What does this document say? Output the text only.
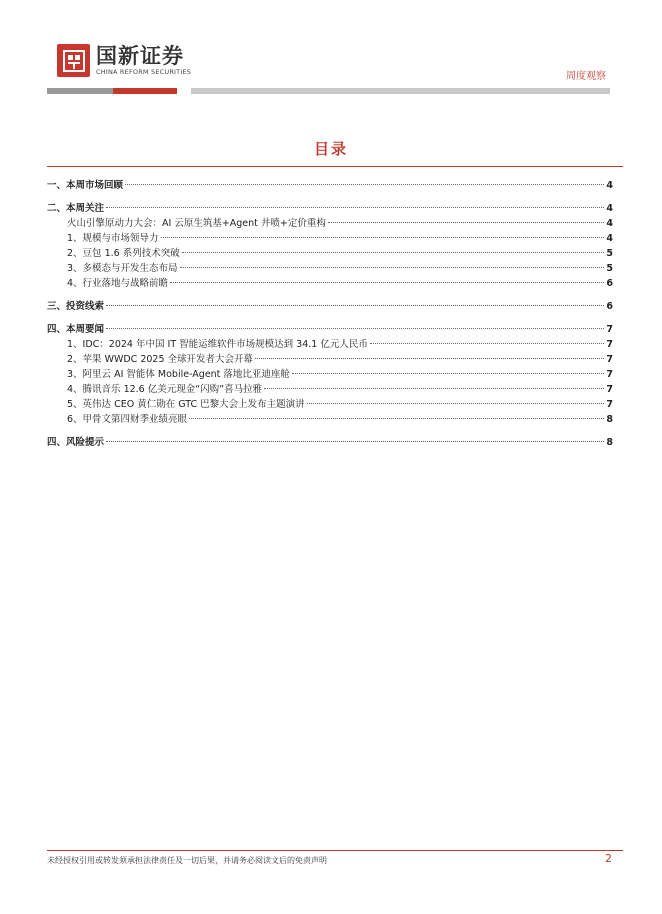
国新证券
CHINA REFORM SECURITIES	周度观察
目录
一、本周市场回顾	4
二、本周关注	4
火山引擎原动力大会：AI 云原生筑基+Agent 井喷+定价重构	4
1、规模与市场领导力	4
2、豆包 1.6 系列技术突破	5
3、多模态与开发生态布局	5
4、行业落地与战略前瞻	6
三、投资线索	6
四、本周要闻	7
1、IDC：2024 年中国 IT 智能运维软件市场规模达到 34.1 亿元人民币	7
2、苹果 WWDC 2025 全球开发者大会开幕	7
3、阿里云 AI 智能体 Mobile-Agent 落地比亚迪座舱	7
4、腾讯音乐 12.6 亿美元现金“闪购”喜马拉雅	7
5、英伟达 CEO 黄仁勋在 GTC 巴黎大会上发布主题演讲	7
6、甲骨文第四财季业绩亮眼	8
四、风险提示	8
未经授权引用或转发须承担法律责任及一切后果，并请务必阅读文后的免责声明	2
